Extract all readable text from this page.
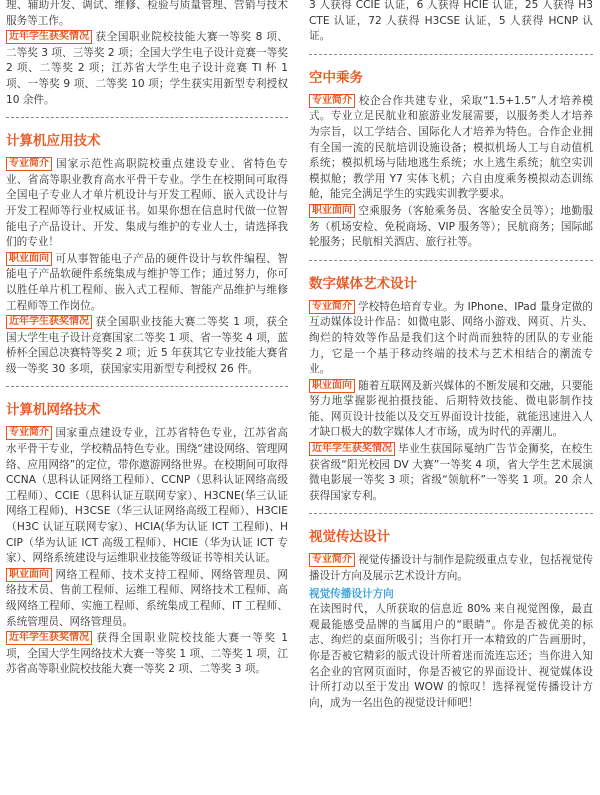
理、辅助开发、调试、维修、检验与质量管理、营销与技术服务等工作。

近年学生获奖情况 获全国职业院校技能大赛一等奖 8 项、二等奖 3 项、三等奖 2 项；全国大学生电子设计竞赛一等奖 2 项、二等奖 2 项；江苏省大学生电子设计竞赛 TI 杯 1 项、一等奖 9 项、二等奖 10 项；学生获实用新型专利授权 10 余件。

计算机应用技术

专业简介 国家示范性高职院校重点建设专业、省特色专业、省高等职业教育高水平骨干专业。学生在校期间可取得全国电子专业人才单片机设计与开发工程师、嵌入式设计与开发工程师等行业权威证书。如果你想在信息时代做一位智能电子产品设计、开发、集成与维护的专业人士，请选择我们的专业！

职业面向 可从事智能电子产品的硬件设计与软件编程、智能电子产品软硬件系统集成与维护等工作；通过努力，你可以胜任单片机工程师、嵌入式工程师、智能产品维护与维修工程师等工作岗位。

近年学生获奖情况 获全国职业技能大赛二等奖 1 项，获全国大学生电子设计竞赛国家二等奖 1 项、省一等奖 4 项，蓝桥杯全国总决赛特等奖 2 项；近 5 年获其它专业技能大赛省级一等奖 30 多项，获国家实用新型专利授权 26 件。

计算机网络技术

专业简介 国家重点建设专业，江苏省特色专业，江苏省高水平骨干专业，学校精品特色专业。围绕“建设网络、管理网络、应用网络”的定位，带你遨游网络世界。在校期间可取得 CCNA（思科认证网络工程师）、CCNP（思科认证网络高级工程师）、CCIE（思科认证互联网专家）、H3CNE(华三认证网络工程师)、H3CSE（华三认证网络高级工程师）、H3CIE（H3C 认证互联网专家）、HCIA(华为认证 ICT 工程师)、HCIP（华为认证 ICT 高级工程师）、HCIE（华为认证 ICT 专家）、网络系统建设与运维职业技能等级证书等相关认证。

职业面向 网络工程师、技术支持工程师、网络管理员、网络技术员、售前工程师、运维工程师、网络技术工程师、高级网络工程师、实施工程师、系统集成工程师、IT 工程师、系统管理员、网络管理员。

近年学生获奖情况 获得全国职业院校技能大赛一等奖 1 项，全国大学生网络技术大赛一等奖 1 项、二等奖 1 项，江苏省高等职业院校技能大赛一等奖 2 项、二等奖 3 项。

3 人获得 CCIE 认证，6 人获得 HCIE 认证，25 人获得 H3CTE 认证，72 人获得 H3CSE 认证，5 人获得 HCNP 认证。

空中乘务

专业简介 校企合作共建专业，采取“1.5+1.5”人才培养模式。专业立足民航业和旅游业发展需要，以服务类人才培养为宗旨，以工学结合、国际化人才培养为特色。合作企业拥有全国一流的民航培训设施设备；模拟机场人工与自动值机系统；模拟机场与陆地逃生系统；水上逃生系统；航空实训模拟舱；教学用 Y7 实体飞机；六自由度乘务模拟动态训练舱，能完全满足学生的实践实训教学要求。

职业面向 空乘服务（客舱乘务员、客舱安全员等）；地勤服务（机场安检、免税商场、VIP 服务等）；民航商务；国际邮轮服务；民航相关酒店、旅行社等。

数字媒体艺术设计

专业简介 学校特色培育专业。为 IPhone、IPad 量身定做的互动媒体设计作品：如微电影、网络小游戏、网页、片头、绚烂的特效等作品是我们这个时尚而独特的团队的专业能力，它是一个基于移动终端的技术与艺术相结合的潮流专业。

职业面向 随着互联网及新兴媒体的不断发展和交融，只要能努力地掌握影视拍摄技能、后期特效技能、微电影制作技能、网页设计技能以及交互界面设计技能，就能迅速进入人才缺口极大的数字媒体人才市场，成为时代的弄潮儿。

近年学生获奖情况 毕业生获国际戛纳广告节金狮奖，在校生获省级“阳光校园 DV 大赛”一等奖 4 项，省大学生艺术展演微电影展一等奖 3 项；省级“领航杯”一等奖 1 项。20 余人获得国家专利。

视觉传达设计

专业简介 视觉传播设计与制作是院级重点专业，包括视觉传播设计方向及展示艺术设计方向。

视觉传播设计方向

在读图时代，人所获取的信息近 80% 来自视觉图像，最直观最能感受品牌的当属用户的“眼睛”。你是否被优美的标志、绚烂的桌面所吸引；当你打开一本精致的广告画册时，你是否被它精彩的版式设计所着迷而流连忘还；当你进入知名企业的官网页面时，你是否被它的界面设计、视觉媒体设计所打动以至于发出 WOW 的惊叹！选择视觉传播设计方向，成为一名出色的视觉设计师吧！
